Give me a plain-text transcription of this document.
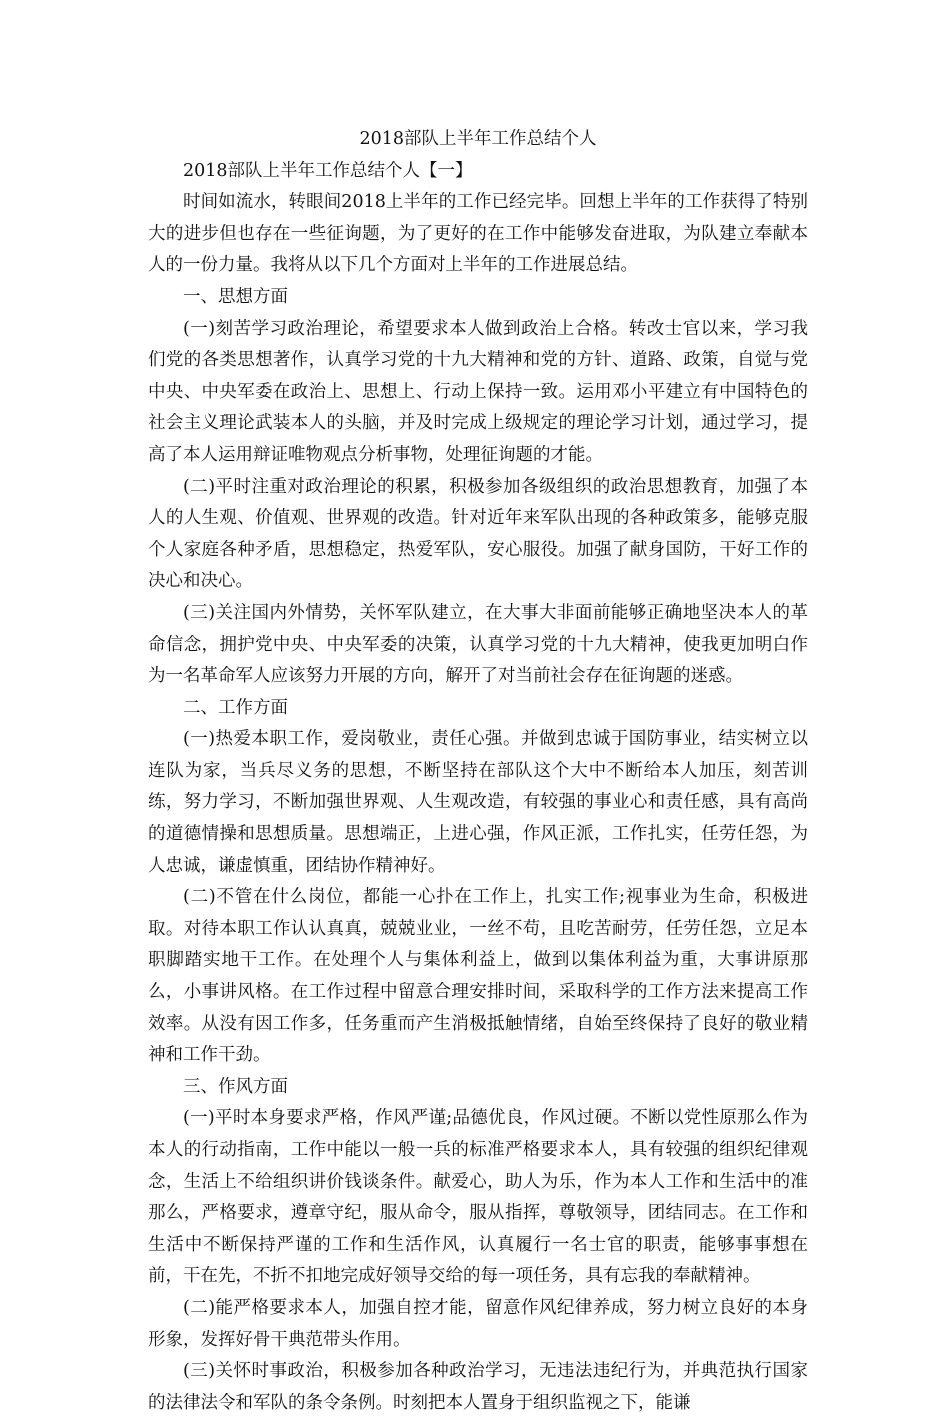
2018部队上半年工作总结个人

2018部队上半年工作总结个人【一】

时间如流水，转眼间2018上半年的工作已经完毕。回想上半年的工作获得了特别大的进步但也存在一些征询题，为了更好的在工作中能够发奋进取，为队建立奉献本人的一份力量。我将从以下几个方面对上半年的工作进展总结。

一、思想方面

(一)刻苦学习政治理论，希望要求本人做到政治上合格。转改士官以来，学习我们党的各类思想著作，认真学习党的十九大精神和党的方针、道路、政策，自觉与党中央、中央军委在政治上、思想上、行动上保持一致。运用邓小平建立有中国特色的社会主义理论武装本人的头脑，并及时完成上级规定的理论学习计划，通过学习，提高了本人运用辩证唯物观点分析事物，处理征询题的才能。

(二)平时注重对政治理论的积累，积极参加各级组织的政治思想教育，加强了本人的人生观、价值观、世界观的改造。针对近年来军队出现的各种政策多，能够克服个人家庭各种矛盾，思想稳定，热爱军队，安心服役。加强了献身国防，干好工作的决心和决心。

(三)关注国内外情势，关怀军队建立，在大事大非面前能够正确地坚决本人的革命信念，拥护党中央、中央军委的决策，认真学习党的十九大精神，使我更加明白作为一名革命军人应该努力开展的方向，解开了对当前社会存在征询题的迷惑。

二、工作方面

(一)热爱本职工作，爱岗敬业，责任心强。并做到忠诚于国防事业，结实树立以连队为家，当兵尽义务的思想，不断坚持在部队这个大中不断给本人加压，刻苦训练，努力学习，不断加强世界观、人生观改造，有较强的事业心和责任感，具有高尚的道德情操和思想质量。思想端正，上进心强，作风正派，工作扎实，任劳任怨，为人忠诚，谦虚慎重，团结协作精神好。

(二)不管在什么岗位，都能一心扑在工作上，扎实工作;视事业为生命，积极进取。对待本职工作认认真真，兢兢业业，一丝不苟，且吃苦耐劳，任劳任怨，立足本职脚踏实地干工作。在处理个人与集体利益上，做到以集体利益为重，大事讲原那么，小事讲风格。在工作过程中留意合理安排时间，采取科学的工作方法来提高工作效率。从没有因工作多，任务重而产生消极抵触情绪，自始至终保持了良好的敬业精神和工作干劲。

三、作风方面

(一)平时本身要求严格，作风严谨;品德优良，作风过硬。不断以党性原那么作为本人的行动指南，工作中能以一般一兵的标准严格要求本人，具有较强的组织纪律观念，生活上不给组织讲价钱谈条件。献爱心，助人为乐，作为本人工作和生活中的准那么，严格要求，遵章守纪，服从命令，服从指挥，尊敬领导，团结同志。在工作和生活中不断保持严谨的工作和生活作风，认真履行一名士官的职责，能够事事想在前，干在先，不折不扣地完成好领导交给的每一项任务，具有忘我的奉献精神。

(二)能严格要求本人，加强自控才能，留意作风纪律养成，努力树立良好的本身形象，发挥好骨干典范带头作用。

(三)关怀时事政治，积极参加各种政治学习，无违法违纪行为，并典范执行国家的法律法令和军队的条令条例。时刻把本人置身于组织监视之下，能谦
